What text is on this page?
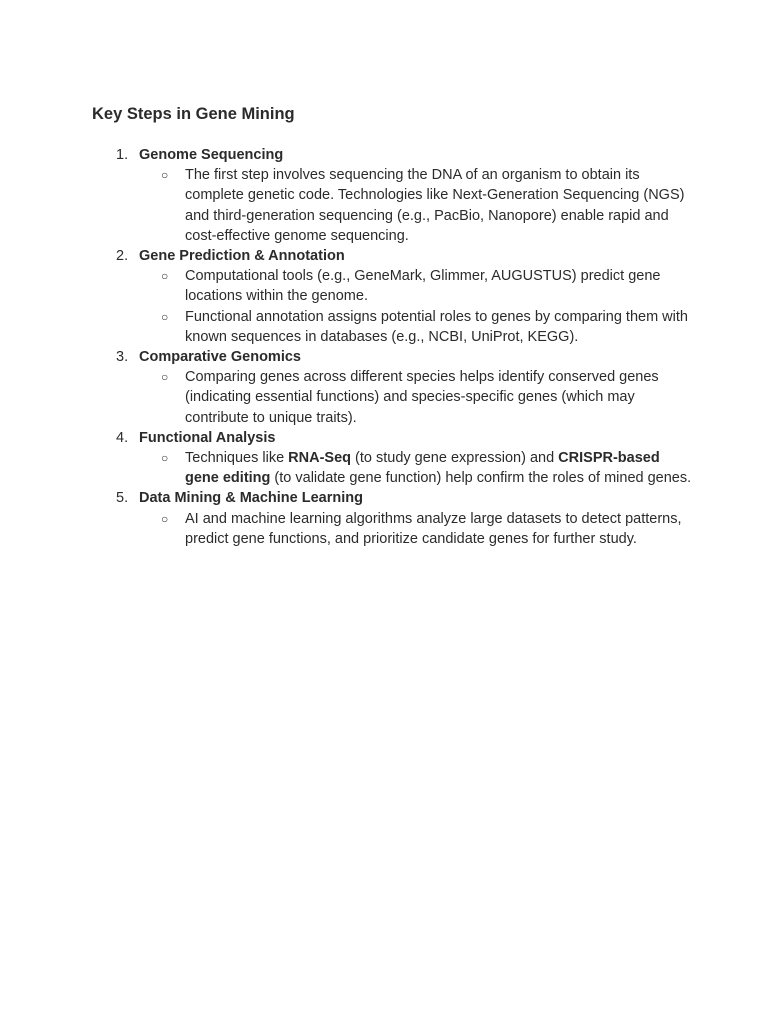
Key Steps in Gene Mining
1. Genome Sequencing
○ The first step involves sequencing the DNA of an organism to obtain its complete genetic code. Technologies like Next-Generation Sequencing (NGS) and third-generation sequencing (e.g., PacBio, Nanopore) enable rapid and cost-effective genome sequencing.
2. Gene Prediction & Annotation
○ Computational tools (e.g., GeneMark, Glimmer, AUGUSTUS) predict gene locations within the genome.
○ Functional annotation assigns potential roles to genes by comparing them with known sequences in databases (e.g., NCBI, UniProt, KEGG).
3. Comparative Genomics
○ Comparing genes across different species helps identify conserved genes (indicating essential functions) and species-specific genes (which may contribute to unique traits).
4. Functional Analysis
○ Techniques like RNA-Seq (to study gene expression) and CRISPR-based gene editing (to validate gene function) help confirm the roles of mined genes.
5. Data Mining & Machine Learning
○ AI and machine learning algorithms analyze large datasets to detect patterns, predict gene functions, and prioritize candidate genes for further study.
